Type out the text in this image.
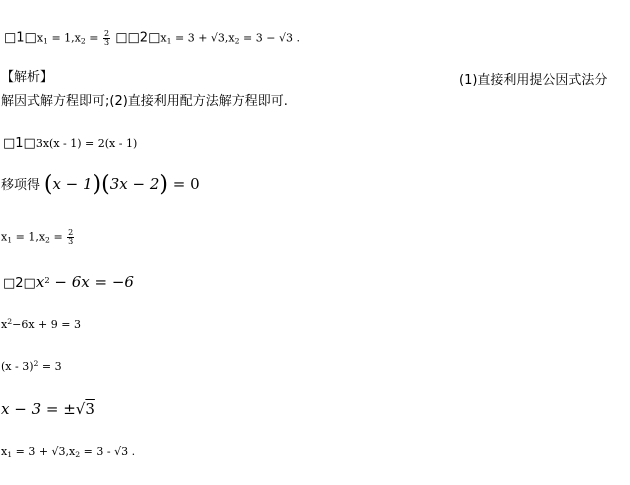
$□1□x_1 = 1,x_2 = \frac{2}{3}$ $□□2□x_1 = 3 + √3,x_2 = 3 - √3$ .
【解析】	(1)直接利用提公因式法分
解因式解方程即可;(2)直接利用配方法解方程即可.
□1□3x(x - 1) = 2(x - 1)
移项得 (x − 1)(3x − 2) = 0
$x_1 = 1,x_2 = \frac{2}{3}$
$□2□x^2 - 6x = -6$
$x^2-6x + 9 = 3$
(x - 3)$^2$ = 3
x − 3 = ±√3
$x_1 = 3 + √3,x_2 = 3 - √3$ .
